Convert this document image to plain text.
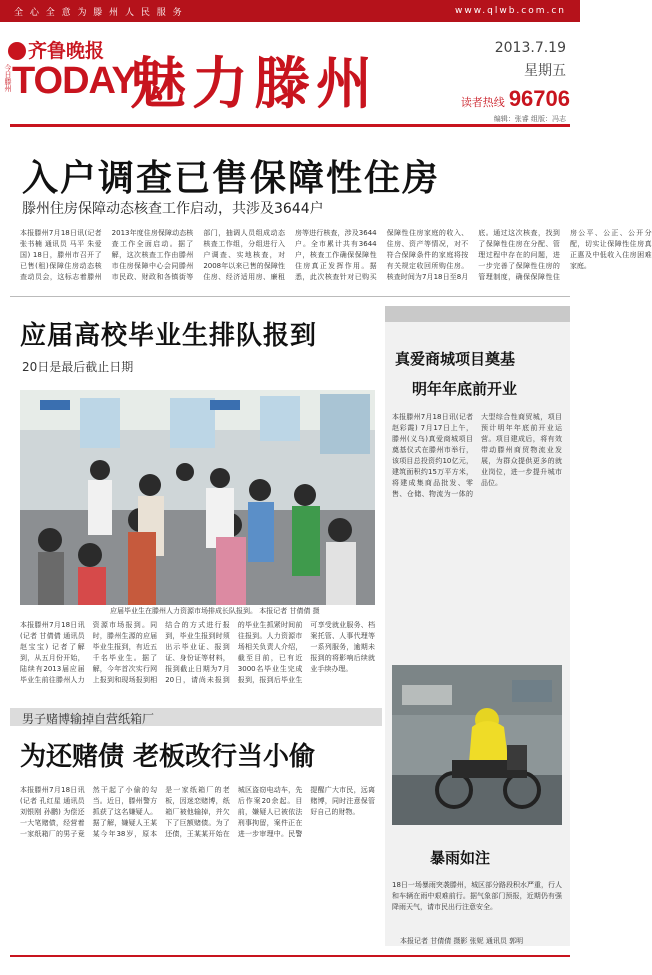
全 心 全 意 为 滕 州 人 民 服 务	www.qlwb.com.cn
齐鲁晚报
今日滕州 TODAY
魅力滕州
2013.7.19
星期五
读者热线 96706
编辑：张睿 组版：冯志
入户调查已售保障性住房
滕州住房保障动态核查工作启动，共涉及3644户
本报滕州7月18日讯(记者 张书楠 通讯员 马平 朱爱国) 18日，滕州市召开了已售(租)保障住房动态核查动员会，这标志着滕州2013年度住房保障动态核查工作全面启动。据了解，这次核查工作由滕州市住房保障中心会同滕州市民政、财政和各镇街等部门，抽调人员组成动态核查工作组，分组进行入户调查、实地核查，对2008年以来已售的保障性住房、经济适用房、廉租房等进行核查，涉及3644户。全市累计共有3644户，核查工作确保保障性住房真正发挥作用。据悉，此次核查针对已购买保障性住房家庭的收入、住房、资产等情况，对不符合保障条件的家庭将按有关规定收回所购住房。核查时间为7月18日至8月底。通过这次核查，找到了保障性住房在分配、管理过程中存在的问题，进一步完善了保障性住房的管理制度，确保保障性住房公平、公正、公开分配，切实让保障性住房真正惠及中低收入住房困难家庭。
应届高校毕业生排队报到
20日是最后截止日期
应届毕业生在滕州人力资源市场排成长队报到。 本报记者 甘倩倩 摄
本报滕州7月18日讯(记者 甘倩倩 通讯员 赵宝宝) 记者了解到，从五月份开始，陆续有2013届应届毕业生前往滕州人力资源市场报到。同时，滕州生源的应届毕业生报到，有近五千名毕业生。据了解，今年首次实行网上报到和现场报到相结合的方式进行报到，毕业生报到时须出示毕业证、报到证、身份证等材料，报到截止日期为7月20日，请尚未报到的毕业生抓紧时间前往报到。人力资源市场相关负责人介绍，截至目前，已有近3000名毕业生完成报到，报到后毕业生可享受就业服务、档案托管、人事代理等一系列服务，逾期未报到的将影响后续就业手续办理。
男子赌博输掉自营纸箱厂
为还赌债 老板改行当小偷
本报滕州7月18日讯(记者 孔红星 通讯员 刘银刚 孙鹏) 为偿还一大笔赌债，经营着一家纸箱厂的男子竟然干起了小偷的勾当。近日，滕州警方抓获了这名嫌疑人。据了解，嫌疑人王某某今年38岁，原本是一家纸箱厂的老板，因迷恋赌博，纸箱厂被他输掉，并欠下了巨额赌债。为了还债，王某某开始在城区盗窃电动车，先后作案20余起。目前，嫌疑人已被依法刑事拘留，案件正在进一步审理中。民警提醒广大市民，远离赌博，同时注意保管好自己的财物。
真爱商城项目奠基
明年年底前开业
本报滕州7月18日讯(记者 赵彩霞) 7月17日上午，滕州(义乌)真爱商城项目奠基仪式在滕州市举行，该项目总投资约10亿元，建筑面积约15万平方米，将建成集商品批发、零售、仓储、物流为一体的大型综合性商贸城，项目预计明年年底前开业运营。项目建成后，将有效带动滕州商贸物流业发展，为群众提供更多的就业岗位，进一步提升城市品位。
暴雨如注
18日一场暴雨突袭滕州，城区部分路段积水严重，行人和车辆在雨中艰难前行。据气象部门预报，近期仍有强降雨天气，请市民出行注意安全。
本报记者 甘倩倩 摄影 张妮 通讯员 郭明
